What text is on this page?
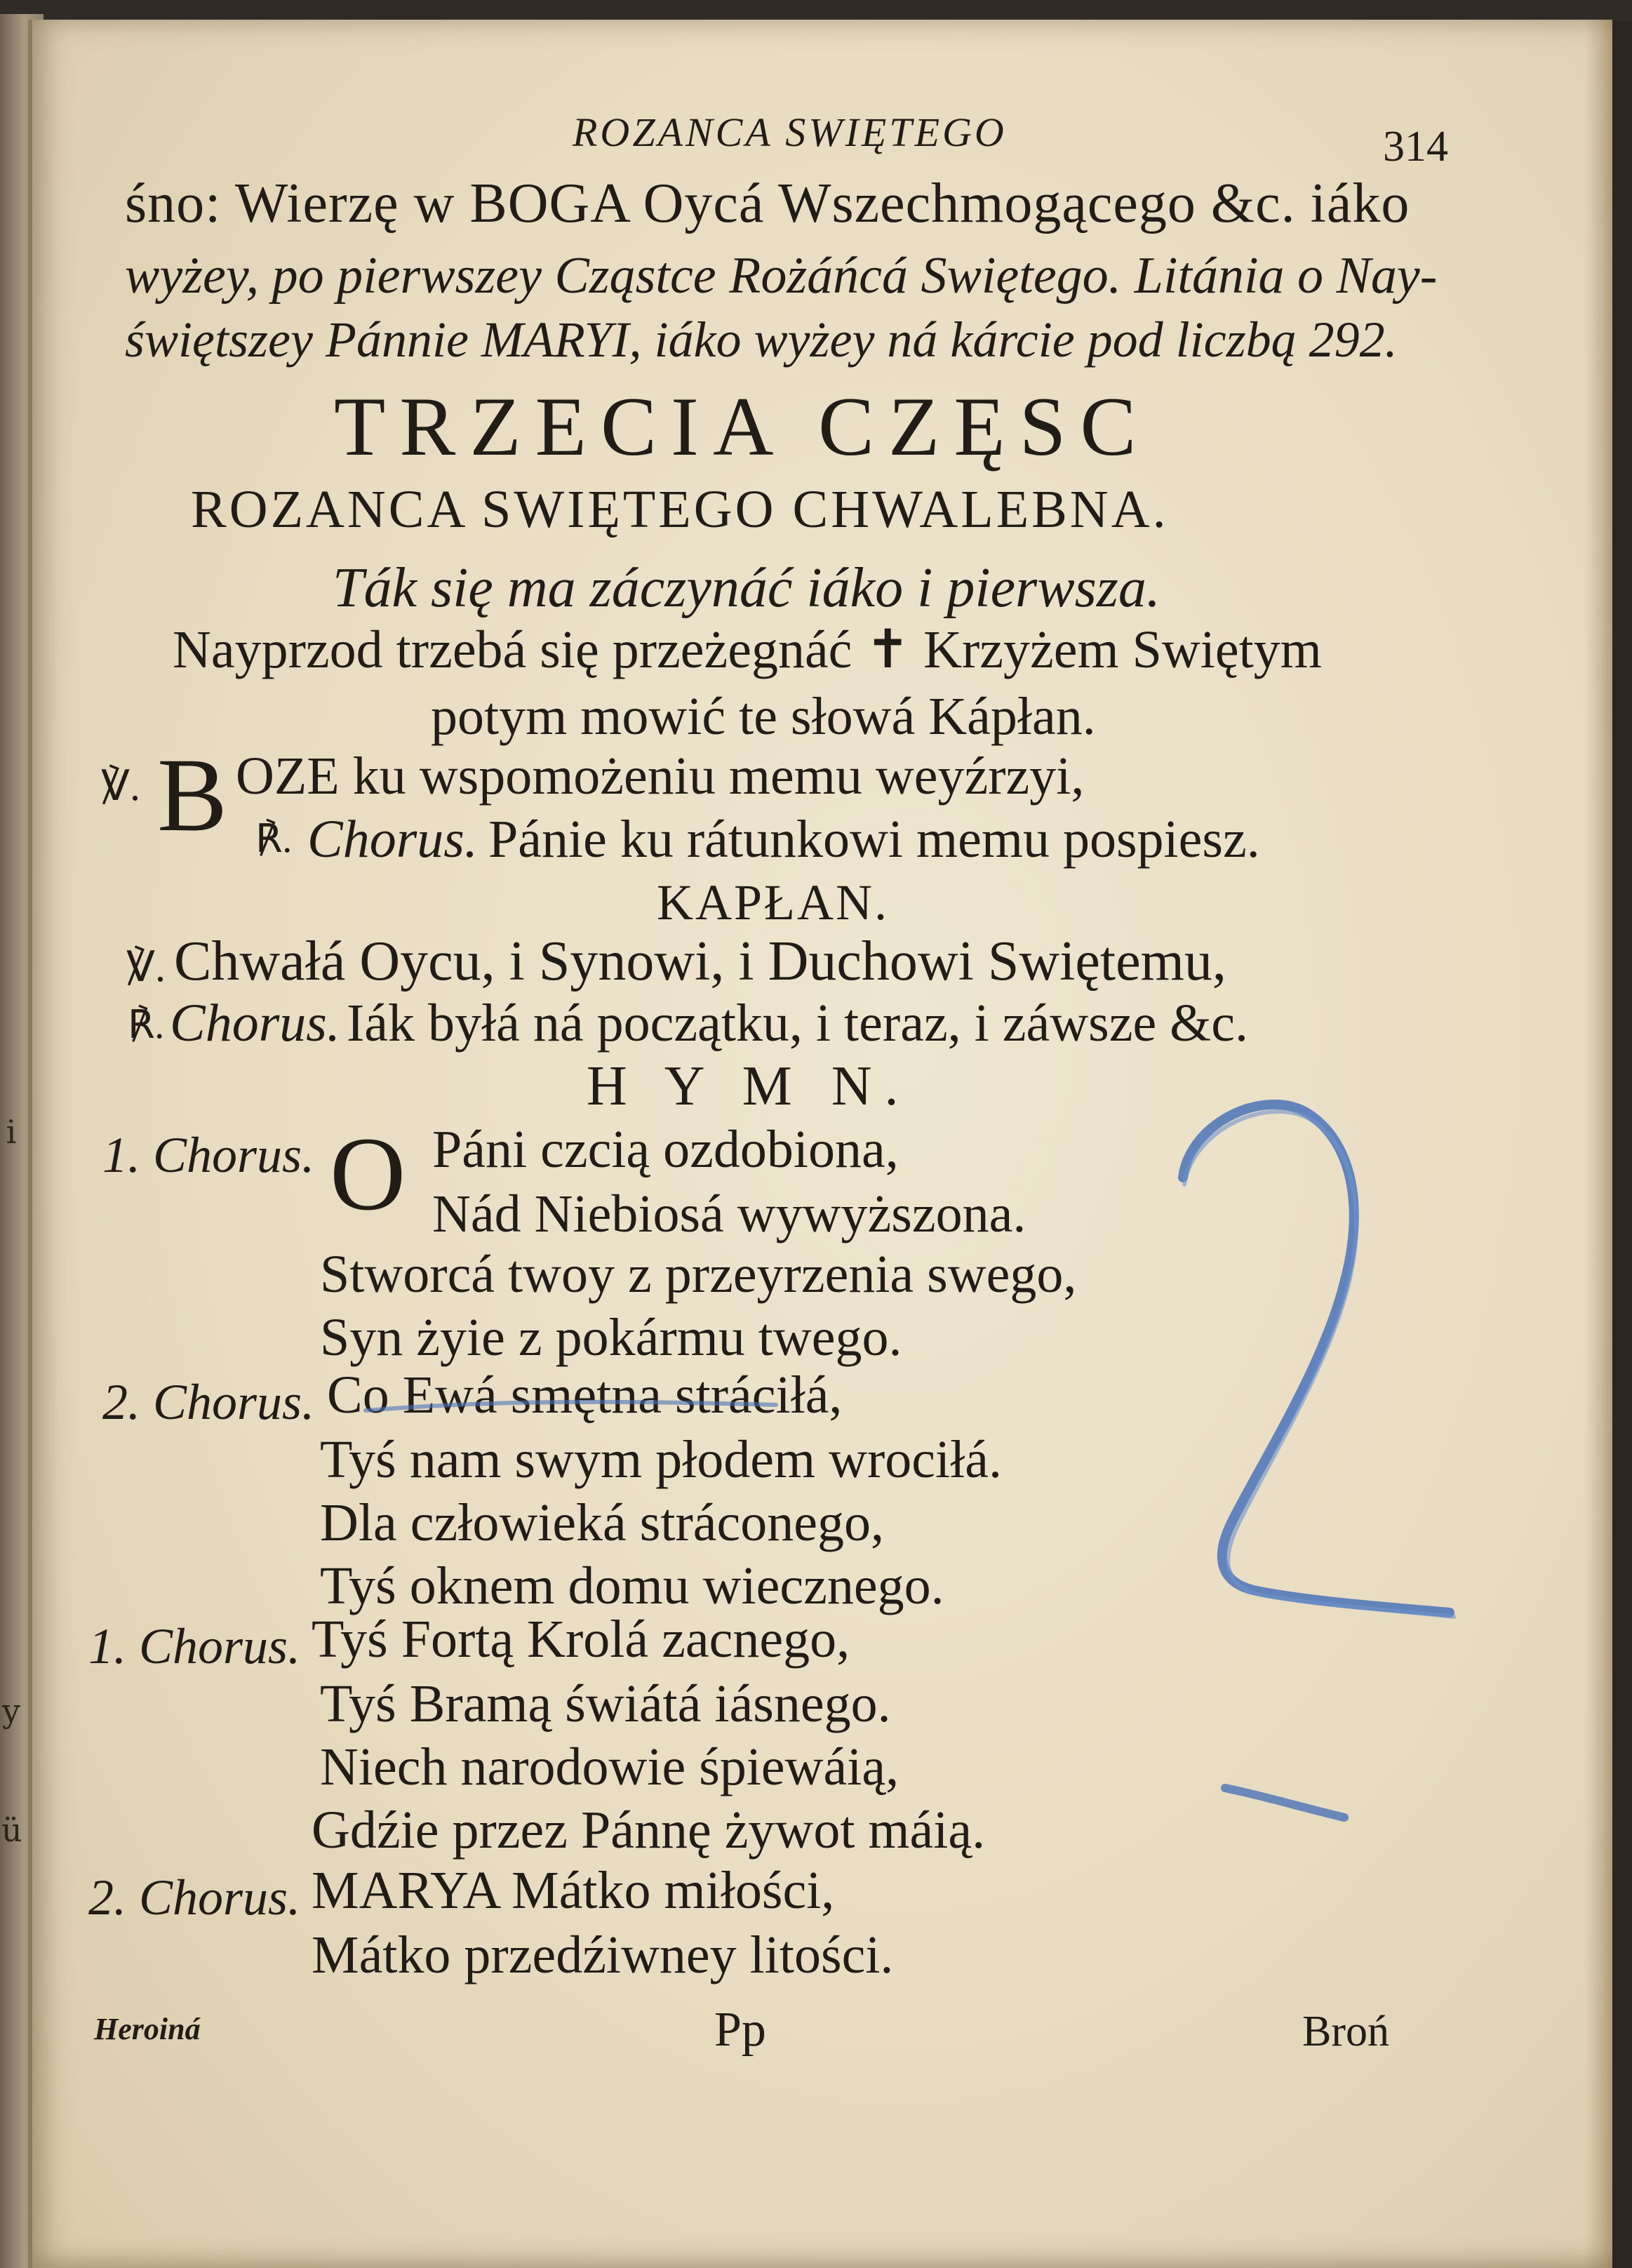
i
y
ü
ROZANCA SWIĘTEGO	314
śno: Wierzę w BOGA Oycá Wszechmogącego &c. iáko
wyżey, po pierwszey Cząstce Rożáńcá Swiętego. Litánia o Nay-
świętszey Pánnie MARYI, iáko wyżey ná kárcie pod liczbą 292.
TRZECIA CZĘSC
ROZANCA SWIĘTEGO CHWALEBNA.
Ták się ma záczynáć iáko i pierwsza.
Nayprzod trzebá się przeżegnáć ✝ Krzyżem Swiętym
potym mowić te słowá Kápłan.
℣. B OZE ku wspomożeniu memu weyźrzyi,
℟. Chorus. Pánie ku rátunkowi memu pospiesz.
KAPŁAN.
℣. Chwałá Oycu, i Synowi, i Duchowi Swiętemu,
℟. Chorus. Iák byłá ná początku, i teraz, i záwsze &c.
H Y M N.
1. Chorus. O Páni czcią ozdobiona,
Nád Niebiosá wywyższona.
Stworcá twoy z przeyrzenia swego,
Syn żyie z pokármu twego.
2. Chorus. Co Ewá smętna stráciłá,
Tyś nam swym płodem wrociłá.
Dla człowieká stráconego,
Tyś oknem domu wiecznego.
1. Chorus. Tyś Fortą Krolá zacnego,
Tyś Bramą świátá iásnego.
Niech narodowie śpiewáią,
Gdźie przez Pánnę żywot máią.
2. Chorus. MARYA Mátko miłości,
Mátko przedźiwney litości.
Heroiná	Pp	Broń
